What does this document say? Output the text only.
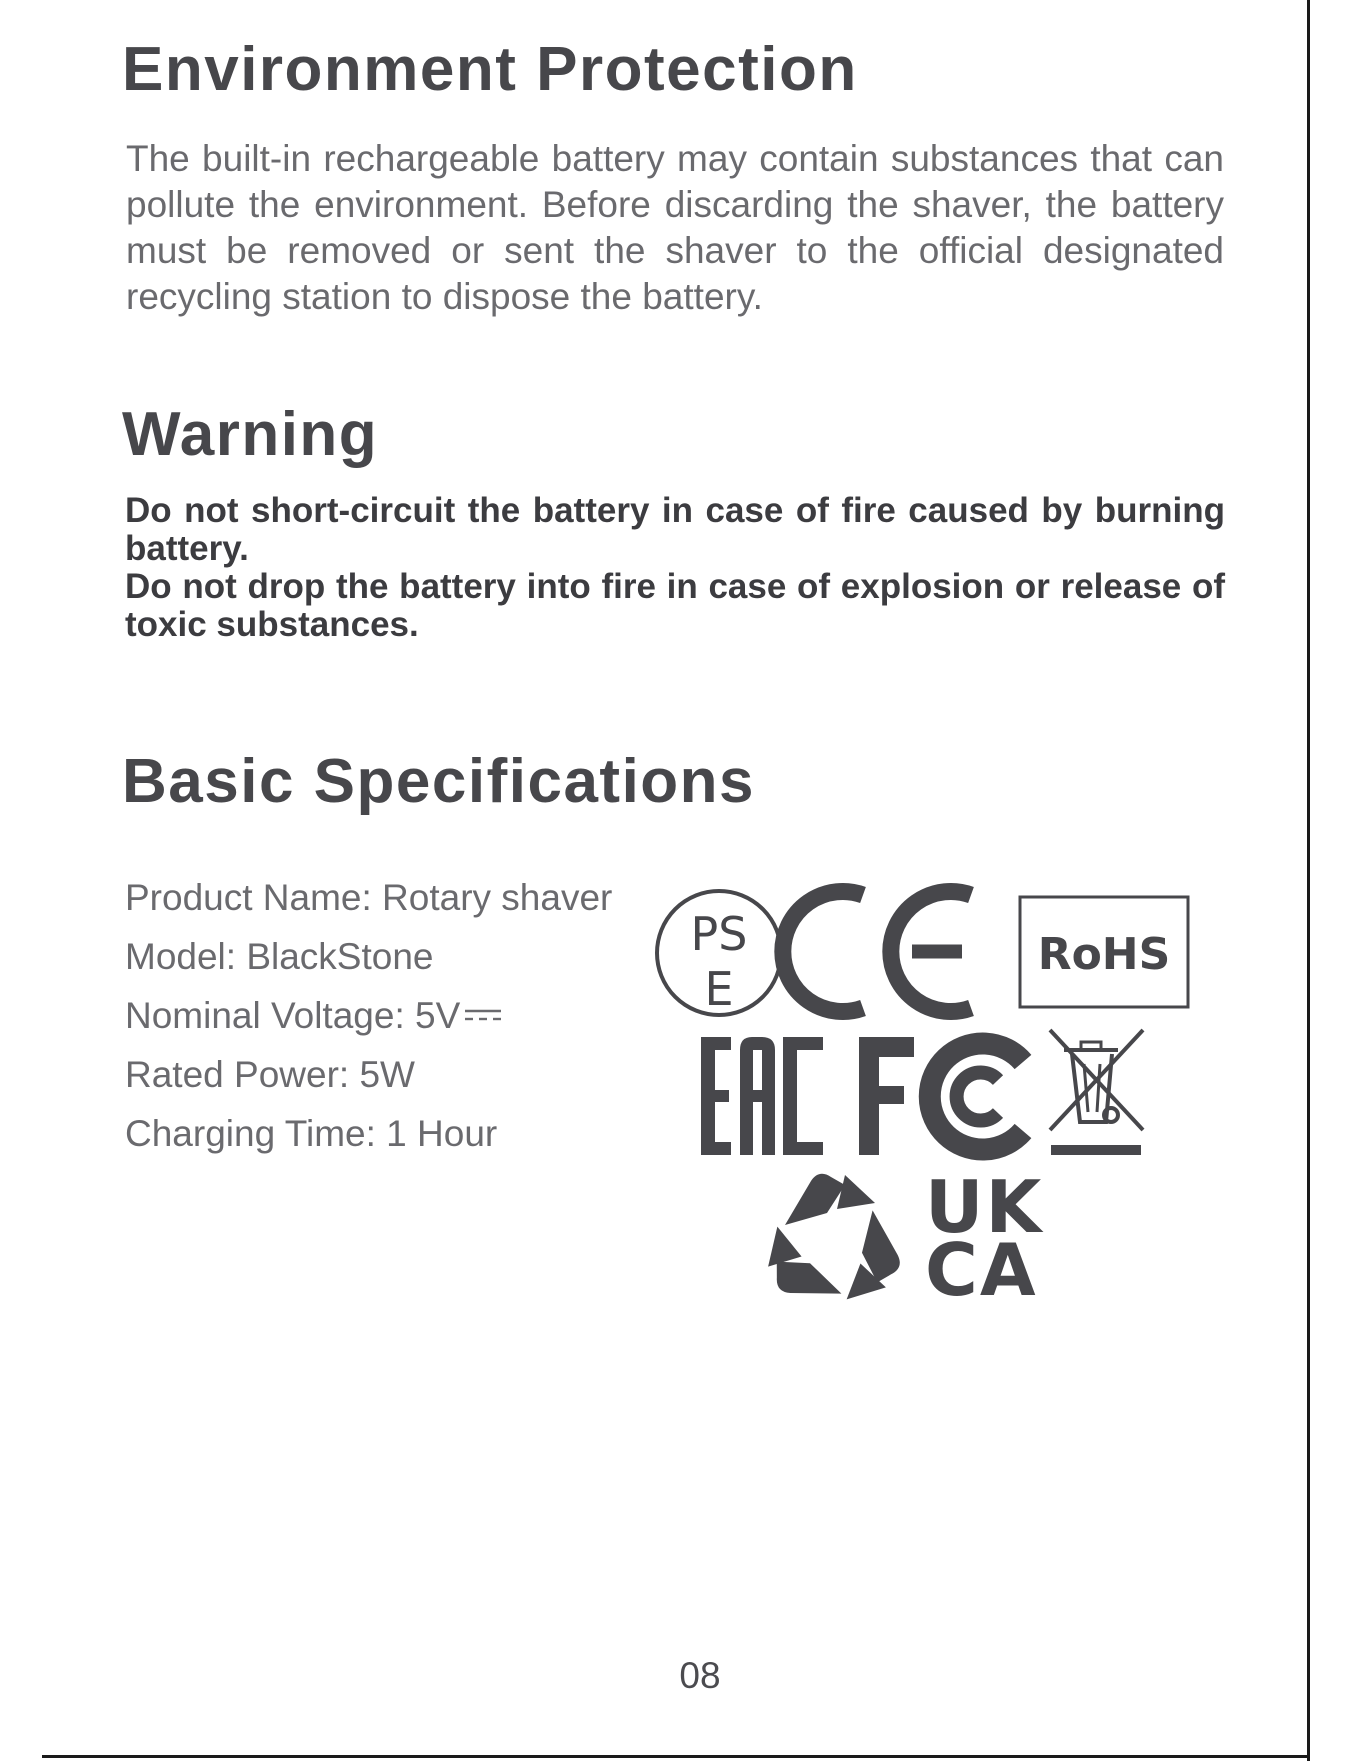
Environment Protection

The built-in rechargeable battery may contain substances that can pollute the environment. Before discarding the shaver, the battery must be removed or sent the shaver to the official designated recycling station to dispose the battery.

Warning

Do not short-circuit the battery in case of fire caused by burning battery.

Do not drop the battery into fire in case of explosion or release of toxic substances.

Basic Specifications
Product Name: Rotary shaver
Model: BlackStone
Nominal Voltage: 5V
Rated Power: 5W
Charging Time: 1 Hour
PS
E
RoHS
UK
CA

08
